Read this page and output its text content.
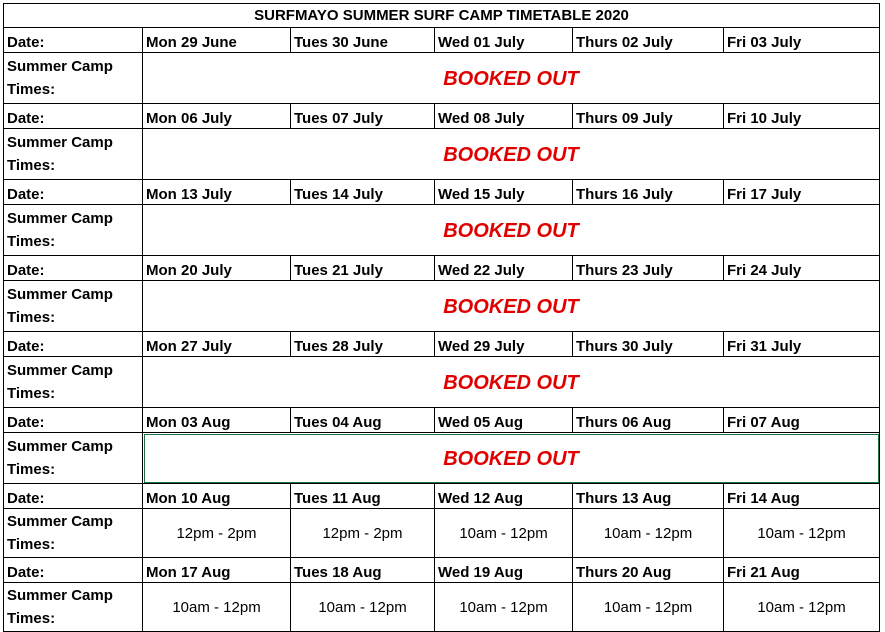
SURFMAYO SUMMER SURF CAMP TIMETABLE 2020					
Date:	Mon 29 June	Tues 30 June	Wed 01 July	Thurs 02 July	Fri 03 July

Summer Camp
Times:	BOOKED OUT				
Date:	Mon 06 July	Tues 07 July	Wed 08 July	Thurs 09 July	Fri 10 July

Summer Camp
Times:	BOOKED OUT				
Date:	Mon 13 July	Tues 14 July	Wed 15 July	Thurs 16 July	Fri 17 July

Summer Camp
Times:	BOOKED OUT				
Date:	Mon 20 July	Tues 21 July	Wed 22 July	Thurs 23 July	Fri 24 July

Summer Camp
Times:	BOOKED OUT				
Date:	Mon 27 July	Tues 28 July	Wed 29 July	Thurs 30 July	Fri 31 July

Summer Camp
Times:	BOOKED OUT				
Date:	Mon 03 Aug	Tues 04 Aug	Wed 05 Aug	Thurs 06 Aug	Fri 07 Aug

Summer Camp
Times:	BOOKED OUT				
Date:	Mon 10 Aug	Tues 11 Aug	Wed 12 Aug	Thurs 13 Aug	Fri 14 Aug

Summer Camp
Times:	12pm - 2pm	12pm - 2pm	10am - 12pm	10am - 12pm	10am - 12pm
Date:	Mon 17 Aug	Tues 18 Aug	Wed 19 Aug	Thurs 20 Aug	Fri 21 Aug

Summer Camp
Times:	10am - 12pm	10am - 12pm	10am - 12pm	10am - 12pm	10am - 12pm
